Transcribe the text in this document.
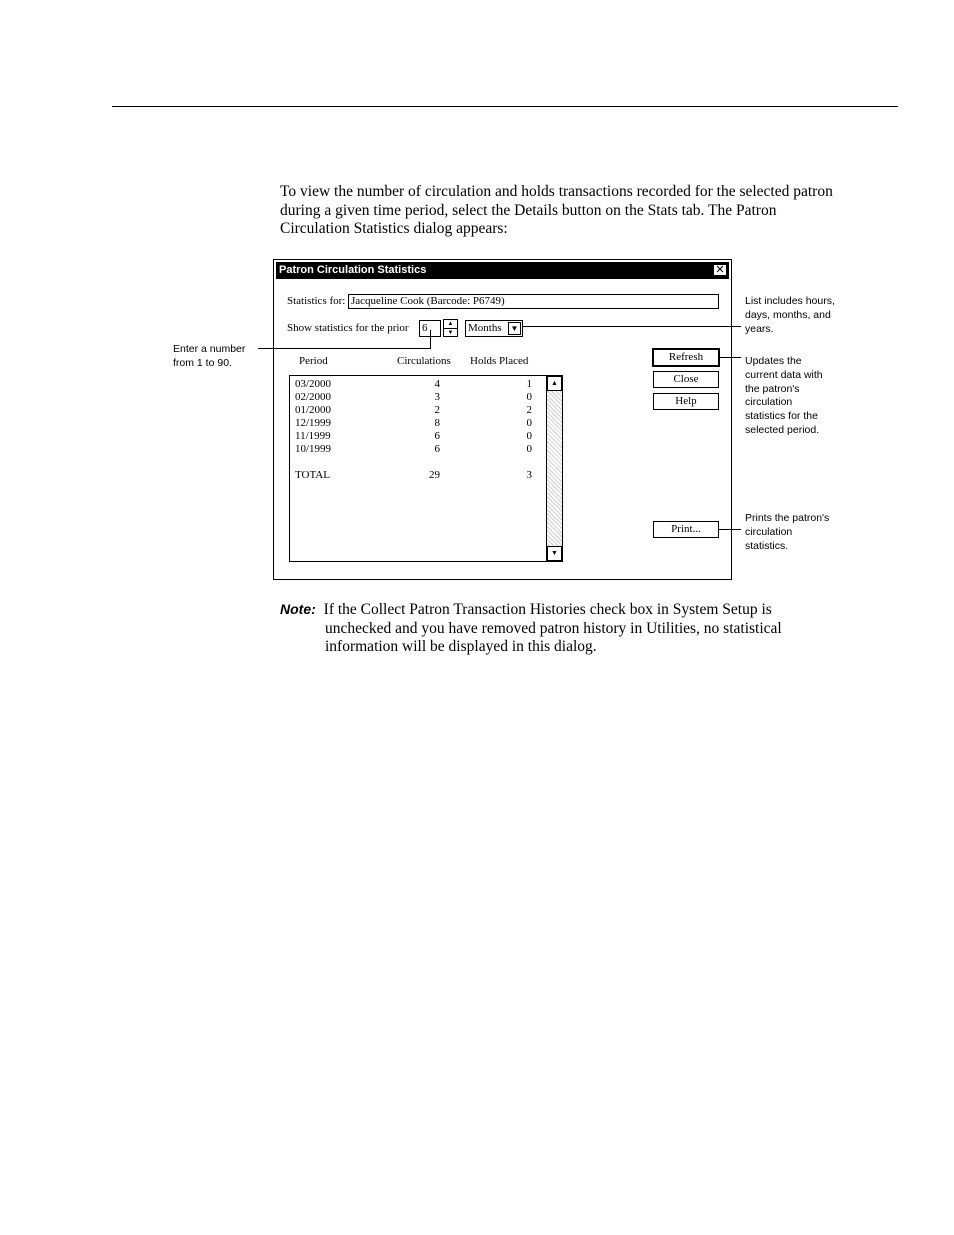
To view the number of circulation and holds transactions recorded for the selected patron during a given time period, select the Details button on the Stats tab. The Patron Circulation Statistics dialog appears:

Patron Circulation Statistics	✕
Statistics for: Jacqueline Cook (Barcode: P6749)
Show statistics for the prior 6	▲
▼	Months	▼
Period	Circulations Holds Placed
03/2000	4	1
02/2000	3	0
01/2000	2	2
12/1999	8	0
11/1999	6	0
10/1999	6	0
TOTAL	29	3
▲
▼
Refresh
Close
Help
Print...
List includes hours, days, months, and years.
Enter a number from 1 to 90.	Updates the current data with the patron's circulation statistics for the selected period.
Prints the patron's circulation statistics.

Note: If the Collect Patron Transaction Histories check box in System Setup is unchecked and you have removed patron history in Utilities, no statistical information will be displayed in this dialog.
